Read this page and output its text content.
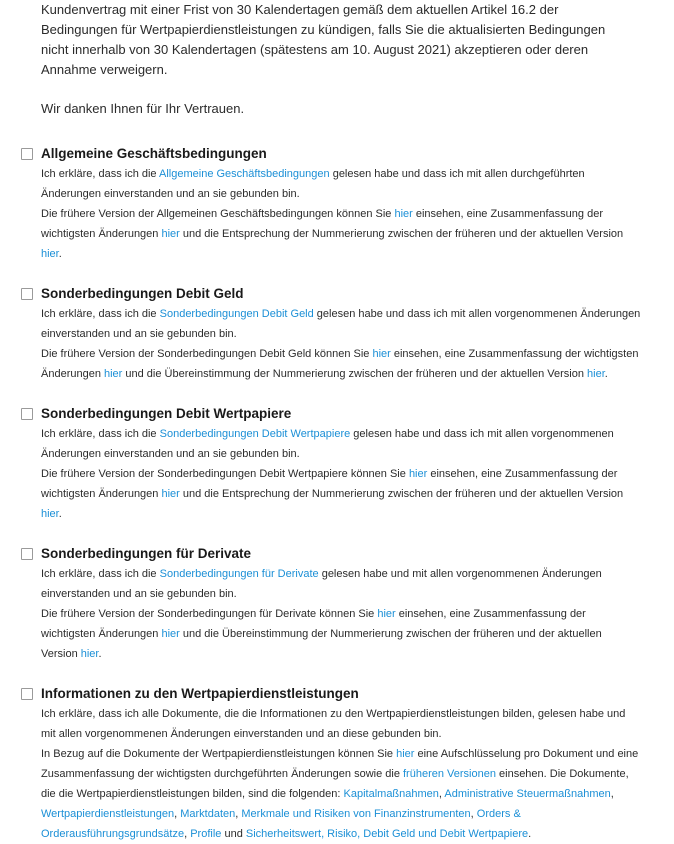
Kundenvertrag mit einer Frist von 30 Kalendertagen gemäß dem aktuellen Artikel 16.2 der Bedingungen für Wertpapierdienstleistungen zu kündigen, falls Sie die aktualisierten Bedingungen nicht innerhalb von 30 Kalendertagen (spätestens am 10. August 2021) akzeptieren oder deren Annahme verweigern.

Wir danken Ihnen für Ihr Vertrauen.

Allgemeine Geschäftsbedingungen

Ich erkläre, dass ich die Allgemeine Geschäftsbedingungen gelesen habe und dass ich mit allen durchgeführten Änderungen einverstanden und an sie gebunden bin.

Die frühere Version der Allgemeinen Geschäftsbedingungen können Sie hier einsehen, eine Zusammenfassung der wichtigsten Änderungen hier und die Entsprechung der Nummerierung zwischen der früheren und der aktuellen Version hier.

Sonderbedingungen Debit Geld

Ich erkläre, dass ich die Sonderbedingungen Debit Geld gelesen habe und dass ich mit allen vorgenommenen Änderungen einverstanden und an sie gebunden bin.

Die frühere Version der Sonderbedingungen Debit Geld können Sie hier einsehen, eine Zusammenfassung der wichtigsten Änderungen hier und die Übereinstimmung der Nummerierung zwischen der früheren und der aktuellen Version hier.

Sonderbedingungen Debit Wertpapiere

Ich erkläre, dass ich die Sonderbedingungen Debit Wertpapiere gelesen habe und dass ich mit allen vorgenommenen Änderungen einverstanden und an sie gebunden bin.

Die frühere Version der Sonderbedingungen Debit Wertpapiere können Sie hier einsehen, eine Zusammenfassung der wichtigsten Änderungen hier und die Entsprechung der Nummerierung zwischen der früheren und der aktuellen Version hier.

Sonderbedingungen für Derivate

Ich erkläre, dass ich die Sonderbedingungen für Derivate gelesen habe und mit allen vorgenommenen Änderungen einverstanden und an sie gebunden bin.

Die frühere Version der Sonderbedingungen für Derivate können Sie hier einsehen, eine Zusammenfassung der wichtigsten Änderungen hier und die Übereinstimmung der Nummerierung zwischen der früheren und der aktuellen Version hier.

Informationen zu den Wertpapierdienstleistungen

Ich erkläre, dass ich alle Dokumente, die die Informationen zu den Wertpapierdienstleistungen bilden, gelesen habe und mit allen vorgenommenen Änderungen einverstanden und an diese gebunden bin.

In Bezug auf die Dokumente der Wertpapierdienstleistungen können Sie hier eine Aufschlüsselung pro Dokument und eine Zusammenfassung der wichtigsten durchgeführten Änderungen sowie die früheren Versionen einsehen. Die Dokumente, die die Wertpapierdienstleistungen bilden, sind die folgenden: Kapitalmaßnahmen, Administrative Steuermaßnahmen, Wertpapierdienstleistungen, Marktdaten, Merkmale und Risiken von Finanzinstrumenten, Orders & Orderausführungsgrundsätze, Profile und Sicherheitswert, Risiko, Debit Geld und Debit Wertpapiere.
